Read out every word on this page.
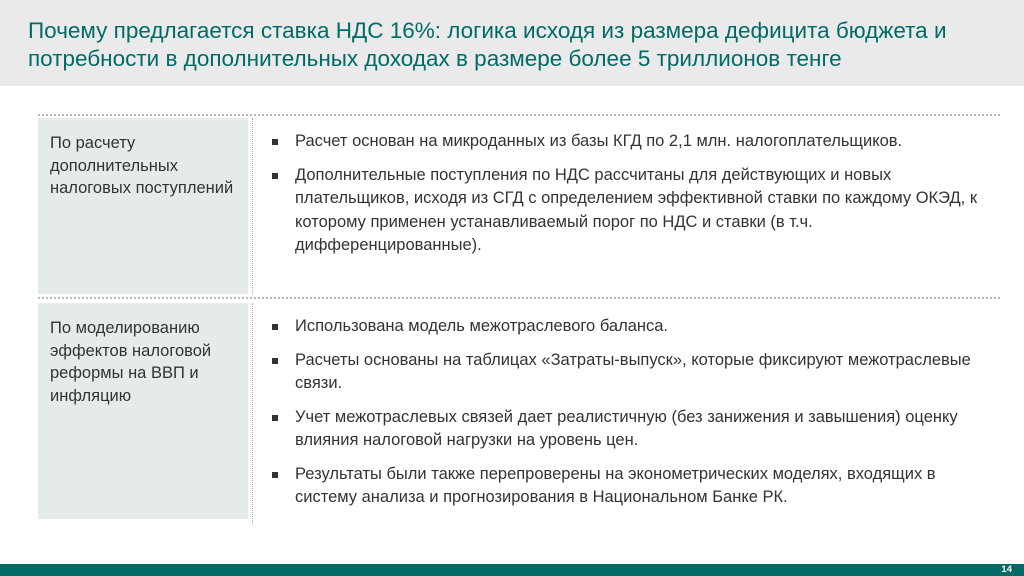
Почему предлагается ставка НДС 16%: логика исходя из размера дефицита бюджета и потребности в дополнительных доходах в размере более 5 триллионов тенге
По расчету дополнительных налоговых поступлений
Расчет основан на микроданных из базы КГД по 2,1 млн. налогоплательщиков.
Дополнительные поступления по НДС рассчитаны для действующих и новых плательщиков, исходя из СГД с определением эффективной ставки по каждому ОКЭД, к которому применен устанавливаемый порог по НДС и ставки (в т.ч. дифференцированные).
По моделированию эффектов налоговой реформы на ВВП и инфляцию
Использована модель межотраслевого баланса.
Расчеты основаны на таблицах «Затраты-выпуск», которые фиксируют межотраслевые связи.
Учет межотраслевых связей дает реалистичную (без занижения и завышения) оценку влияния налоговой нагрузки на уровень цен.
Результаты были также перепроверены на эконометрических моделях, входящих в систему анализа и прогнозирования в Национальном Банке РК.
14
